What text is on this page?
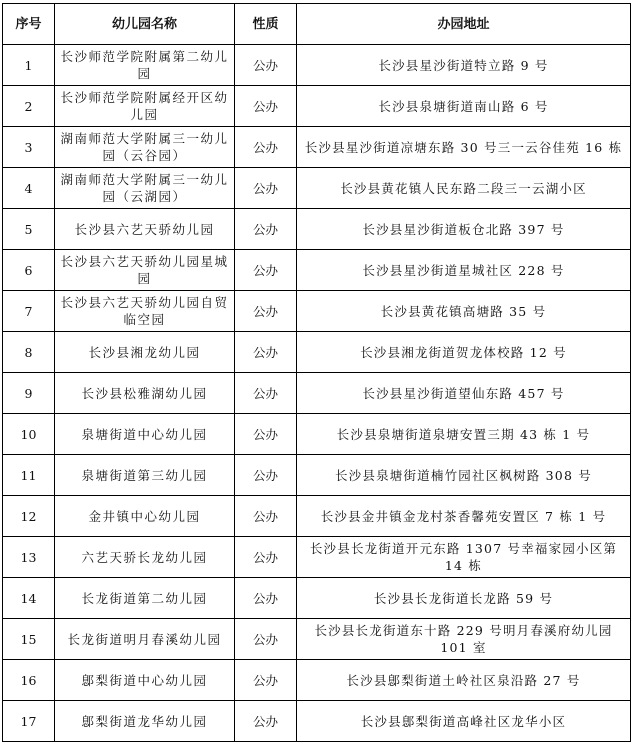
序号	幼儿园名称	性质	办园地址
1	长沙师范学院附属第二幼儿园	公办	长沙县星沙街道特立路 9 号
2	长沙师范学院附属经开区幼儿园	公办	长沙县泉塘街道南山路 6 号
3	湖南师范大学附属三一幼儿园（云谷园）	公办	长沙县星沙街道凉塘东路 30 号三一云谷佳苑 16 栋
4	湖南师范大学附属三一幼儿园（云湖园）	公办	长沙县黄花镇人民东路二段三一云湖小区
5	长沙县六艺天骄幼儿园	公办	长沙县星沙街道板仓北路 397 号
6	长沙县六艺天骄幼儿园星城园	公办	长沙县星沙街道星城社区 228 号
7	长沙县六艺天骄幼儿园自贸临空园	公办	长沙县黄花镇高塘路 35 号
8	长沙县湘龙幼儿园	公办	长沙县湘龙街道贺龙体校路 12 号
9	长沙县松雅湖幼儿园	公办	长沙县星沙街道望仙东路 457 号
10	泉塘街道中心幼儿园	公办	长沙县泉塘街道泉塘安置三期 43 栋 1 号
11	泉塘街道第三幼儿园	公办	长沙县泉塘街道楠竹园社区枫树路 308 号
12	金井镇中心幼儿园	公办	长沙县金井镇金龙村茶香馨苑安置区 7 栋 1 号
13	六艺天骄长龙幼儿园	公办	长沙县长龙街道开元东路 1307 号幸福家园小区第 14 栋
14	长龙街道第二幼儿园	公办	长沙县长龙街道长龙路 59 号
15	长龙街道明月春溪幼儿园	公办	长沙县长龙街道东十路 229 号明月春溪府幼儿园 101 室
16	鄎梨街道中心幼儿园	公办	长沙县鄎梨街道土岭社区泉沿路 27 号
17	鄎梨街道龙华幼儿园	公办	长沙县鄎梨街道高峰社区龙华小区
